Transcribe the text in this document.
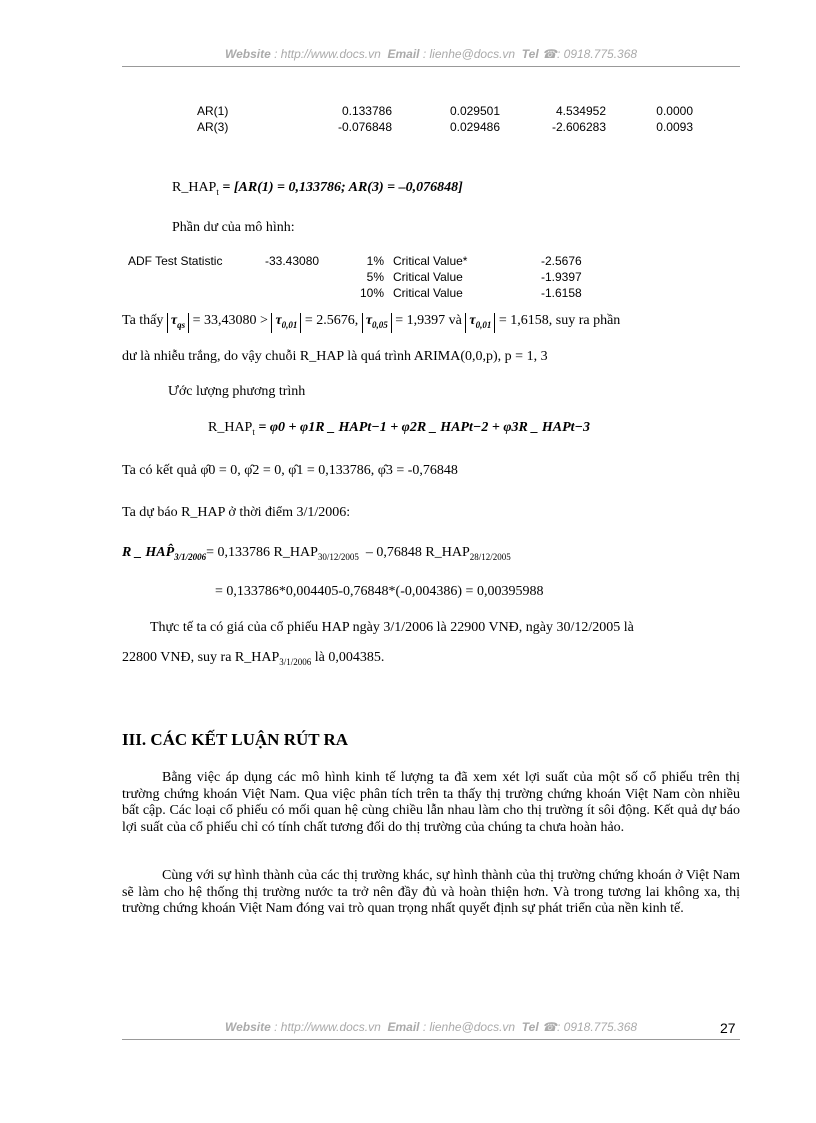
Website : http://www.docs.vn Email : lienhe@docs.vn Tel ☎: 0918.775.368
AR(1)	0.133786	0.029501	4.534952	0.0000
AR(3)	-0.076848	0.029486	-2.606283	0.0093
$R\_HAP_t = [AR(1) = 0,133786$; AR(3) = –0,076848]
Phần dư của mô hình:
ADF Test Statistic	-33.43080	1% Critical Value*	-2.5676
5% Critical Value	-1.9397
10% Critical Value	-1.6158
Ta thấy $\tau_{qs} = 33,43080 > \tau_{0,01} = 2.5676$, $\tau_{0,05} = 1,9397$ và $\tau_{0,01} = 1,6158$, suy ra phần
dư là nhiễu trắng, do vậy chuỗi R_HAP là quá trình ARIMA(0,0,p), p = 1, 3
Ước lượng phương trình
$R\_HAP_t = \varphi 0 + \varphi 1R$ _ HAPt−1 + φ2R _ HAPt−2 + φ3R _ HAPt−3
Ta có kết quả φ̂0 = 0, φ̂2 = 0, φ̂1 = 0,133786, φ̂3 = -0,76848
Ta dự báo R_HAP ở thời điểm 3/1/2006:
R _ $HAP̂_{3/1/2006}= 0,133786$ $R\_HAP_{30/12/2005} - 0,76848$ $R\_HAP_{28/12/2005}$
= 0,133786*0,004405-0,76848*(-0,004386) = 0,00395988
Thực tế ta có giá của cổ phiếu HAP ngày 3/1/2006 là 22900 VNĐ, ngày 30/12/2005 là
22800 VNĐ, suy ra $R\_HAP_{3/1/2006}$ là 0,004385.
III. CÁC KẾT LUẬN RÚT RA
Bằng việc áp dụng các mô hình kinh tế lượng ta đã xem xét lợi suất của một số cổ phiếu trên thị trường chứng khoán Việt Nam. Qua việc phân tích trên ta thấy thị trường chứng khoán Việt Nam còn nhiều bất cập. Các loại cổ phiếu có mối quan hệ cùng chiều lẫn nhau làm cho thị trường ít sôi động. Kết quả dự báo lợi suất của cổ phiếu chỉ có tính chất tương đối do thị trường của chúng ta chưa hoàn hảo.
Cùng với sự hình thành của các thị trường khác, sự hình thành của thị trường chứng khoán ở Việt Nam sẽ làm cho hệ thống thị trường nước ta trở nên đầy đủ và hoàn thiện hơn. Và trong tương lai không xa, thị trường chứng khoán Việt Nam đóng vai trò quan trọng nhất quyết định sự phát triển của nền kinh tế.
Website : http://www.docs.vn Email : lienhe@docs.vn Tel ☎: 0918.775.368	27
